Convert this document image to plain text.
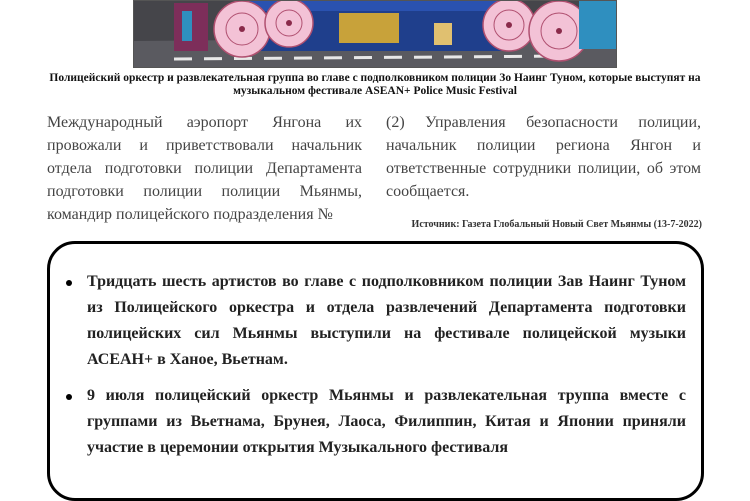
Полицейский оркестр и развлекательная группа во главе с подполковником полиции Зо Наинг Туном, которые выступят на музыкальном фестивале ASEAN+ Police Music Festival
Международный аэропорт Янгона их провожали и приветствовали начальник отдела подготовки полиции Департамента подготовки полиции полиции Мьянмы, командир полицейского подразделения №
(2) Управления безопасности полиции, начальник полиции региона Янгон и ответственные сотрудники полиции, об этом сообщается.
Источник: Газета Глобальный Новый Свет Мьянмы (13-7-2022)
Тридцать шесть артистов во главе с подполковником полиции Зав Наинг Туном из Полицейского оркестра и отдела развлечений Департамента подготовки полицейских сил Мьянмы выступили на фестивале полицейской музыки АСЕАН+ в Ханое, Вьетнам.
9 июля полицейский оркестр Мьянмы и развлекательная труппа вместе с группами из Вьетнама, Брунея, Лаоса, Филиппин, Китая и Японии приняли участие в церемонии открытия Музыкального фестиваля
